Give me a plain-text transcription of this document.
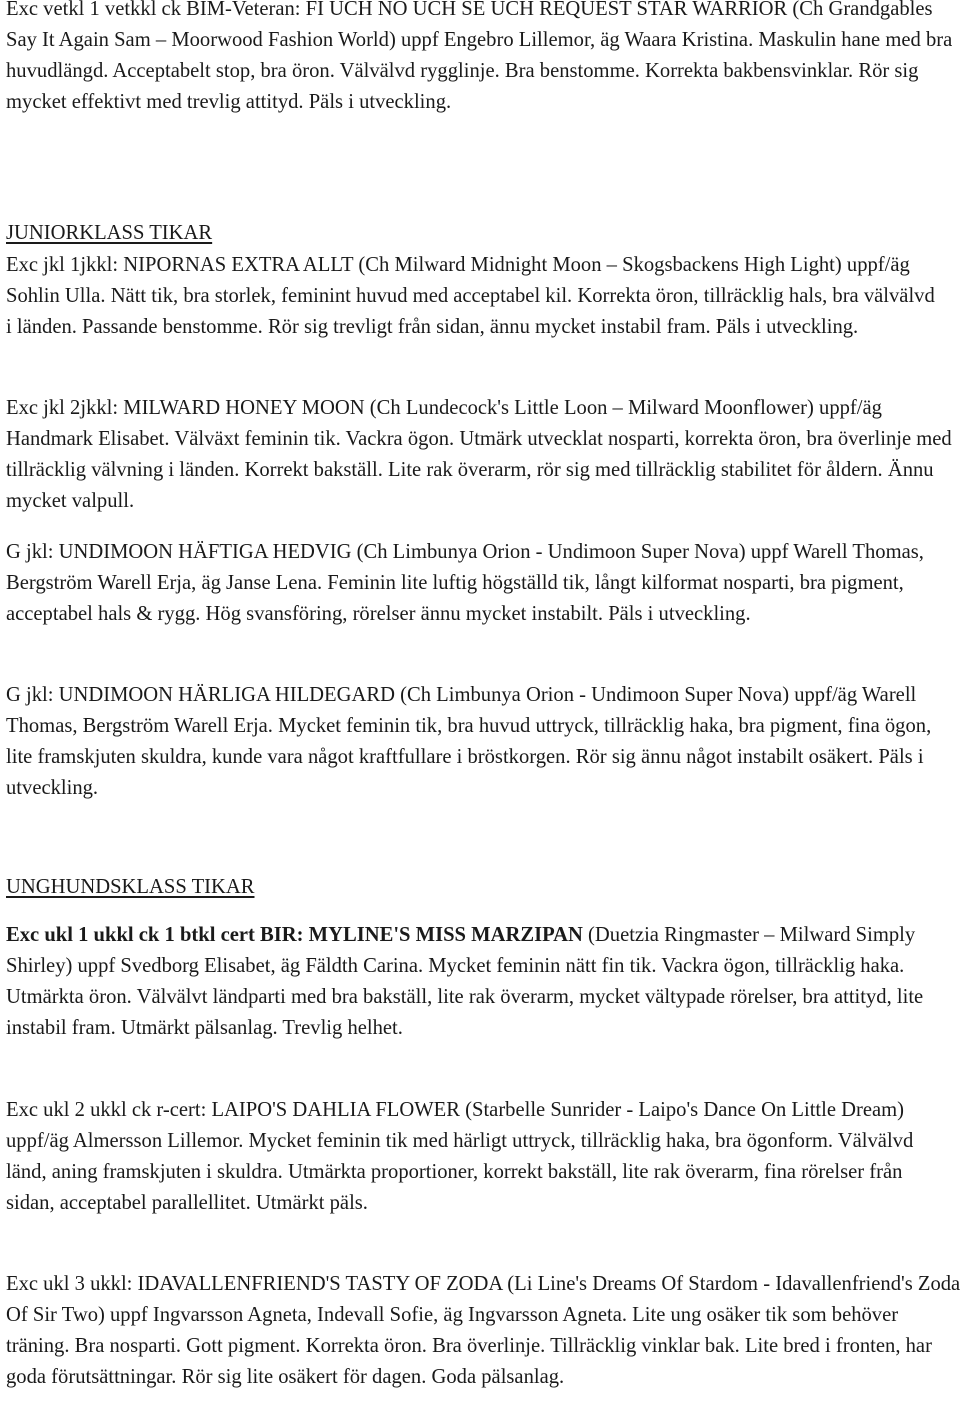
Exc vetkl 1 vetkkl ck BIM-Veteran: FI UCH NO UCH SE UCH REQUEST STAR WARRIOR (Ch Grandgables Say It Again Sam – Moorwood Fashion World) uppf Engebro Lillemor, äg Waara Kristina. Maskulin hane med bra huvudlängd. Acceptabelt stop, bra öron. Välvälvd rygglinje. Bra benstomme. Korrekta bakbensvinklar. Rör sig mycket effektivt med trevlig attityd. Päls i utveckling.

JUNIORKLASS TIKAR

Exc jkl 1jkkl: NIPORNAS EXTRA ALLT (Ch Milward Midnight Moon – Skogsbackens High Light) uppf/äg Sohlin Ulla. Nätt tik, bra storlek, feminint huvud med acceptabel kil. Korrekta öron, tillräcklig hals, bra välvälvd i länden. Passande benstomme. Rör sig trevligt från sidan, ännu mycket instabil fram. Päls i utveckling.

Exc jkl 2jkkl: MILWARD HONEY MOON (Ch Lundecock's Little Loon – Milward Moonflower) uppf/äg Handmark Elisabet. Välväxt feminin tik. Vackra ögon. Utmärk utvecklat nosparti, korrekta öron, bra överlinje med tillräcklig välvning i länden. Korrekt bakställ. Lite rak överarm, rör sig med tillräcklig stabilitet för åldern. Ännu mycket valpull.

G jkl: UNDIMOON HÄFTIGA HEDVIG (Ch Limbunya Orion - Undimoon Super Nova) uppf Warell Thomas, Bergström Warell Erja, äg Janse Lena. Feminin lite luftig högställd tik, långt kilformat nosparti, bra pigment, acceptabel hals & rygg. Hög svansföring, rörelser ännu mycket instabilt. Päls i utveckling.

G jkl: UNDIMOON HÄRLIGA HILDEGARD (Ch Limbunya Orion - Undimoon Super Nova) uppf/äg Warell Thomas, Bergström Warell Erja. Mycket feminin tik, bra huvud uttryck, tillräcklig haka, bra pigment, fina ögon, lite framskjuten skuldra, kunde vara något kraftfullare i bröstkorgen. Rör sig ännu något instabilt osäkert. Päls i utveckling.

UNGHUNDSKLASS TIKAR

Exc ukl 1 ukkl ck 1 btkl cert BIR: MYLINE'S MISS MARZIPAN (Duetzia Ringmaster – Milward Simply Shirley) uppf Svedborg Elisabet, äg Fäldth Carina. Mycket feminin nätt fin tik. Vackra ögon, tillräcklig haka. Utmärkta öron. Välvälvt ländparti med bra bakställ, lite rak överarm, mycket vältypade rörelser, bra attityd, lite instabil fram. Utmärkt pälsanlag. Trevlig helhet.

Exc ukl 2 ukkl ck r-cert: LAIPO'S DAHLIA FLOWER (Starbelle Sunrider - Laipo's Dance On Little Dream) uppf/äg Almersson Lillemor. Mycket feminin tik med härligt uttryck, tillräcklig haka, bra ögonform. Välvälvd länd, aning framskjuten i skuldra. Utmärkta proportioner, korrekt bakställ, lite rak överarm, fina rörelser från sidan, acceptabel parallellitet. Utmärkt päls.

Exc ukl 3 ukkl: IDAVALLENFRIEND'S TASTY OF ZODA (Li Line's Dreams Of Stardom - Idavallenfriend's Zoda Of Sir Two) uppf Ingvarsson Agneta, Indevall Sofie, äg Ingvarsson Agneta. Lite ung osäker tik som behöver träning. Bra nosparti. Gott pigment. Korrekta öron. Bra överlinje. Tillräcklig vinklar bak. Lite bred i fronten, har goda förutsättningar. Rör sig lite osäkert för dagen. Goda pälsanlag.
